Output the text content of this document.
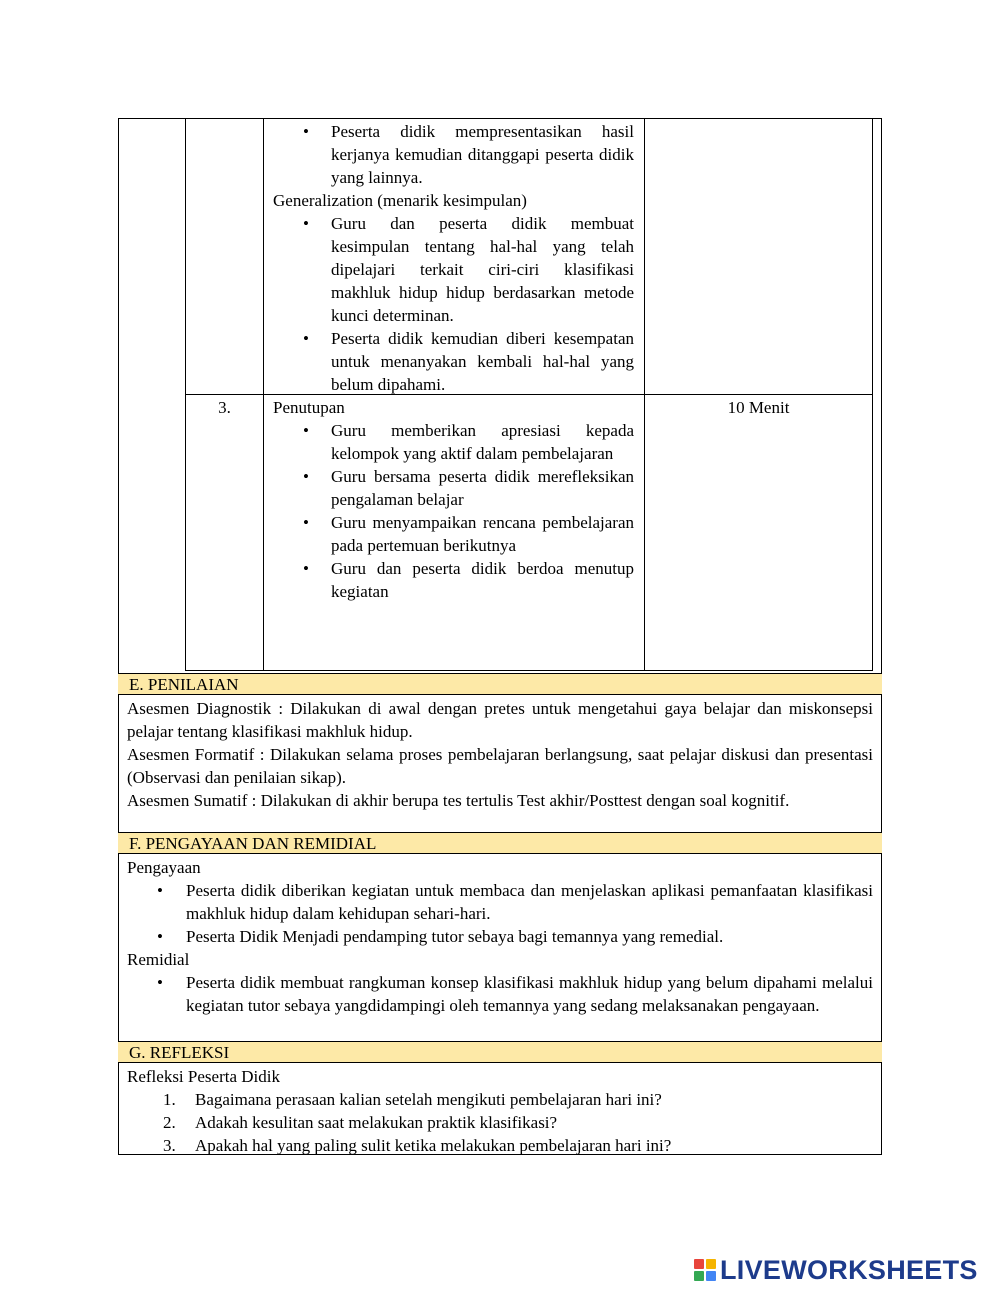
• Peserta didik mempresentasikan hasil kerjanya kemudian ditanggapi peserta didik yang lainnya.
Generalization (menarik kesimpulan)
• Guru dan peserta didik membuat kesimpulan tentang hal-hal yang telah dipelajari terkait ciri-ciri klasifikasi makhluk hidup hidup berdasarkan metode kunci determinan.
• Peserta didik kemudian diberi kesempatan untuk menanyakan kembali hal-hal yang belum dipahami.
3.	10 Menit
Penutupan
• Guru memberikan apresiasi kepada kelompok yang aktif dalam pembelajaran
• Guru bersama peserta didik merefleksikan pengalaman belajar
• Guru menyampaikan rencana pembelajaran pada pertemuan berikutnya
• Guru dan peserta didik berdoa menutup kegiatan
E. PENILAIAN
Asesmen Diagnostik : Dilakukan di awal dengan pretes untuk mengetahui gaya belajar dan miskonsepsi pelajar tentang klasifikasi makhluk hidup.
Asesmen Formatif : Dilakukan selama proses pembelajaran berlangsung, saat pelajar diskusi dan presentasi (Observasi dan penilaian sikap).
Asesmen Sumatif : Dilakukan di akhir berupa tes tertulis Test akhir/Posttest dengan soal kognitif.
F. PENGAYAAN DAN REMIDIAL
Pengayaan
• Peserta didik diberikan kegiatan untuk membaca dan menjelaskan aplikasi pemanfaatan klasifikasi makhluk hidup dalam kehidupan sehari-hari.
• Peserta Didik Menjadi pendamping tutor sebaya bagi temannya yang remedial.
Remidial
• Peserta didik membuat rangkuman konsep klasifikasi makhluk hidup yang belum dipahami melalui kegiatan tutor sebaya yangdidampingi oleh temannya yang sedang melaksanakan pengayaan.
G. REFLEKSI
Refleksi Peserta Didik
1. Bagaimana perasaan kalian setelah mengikuti pembelajaran hari ini?
2. Adakah kesulitan saat melakukan praktik klasifikasi?
3. Apakah hal yang paling sulit ketika melakukan pembelajaran hari ini?
LIVEWORKSHEETS
